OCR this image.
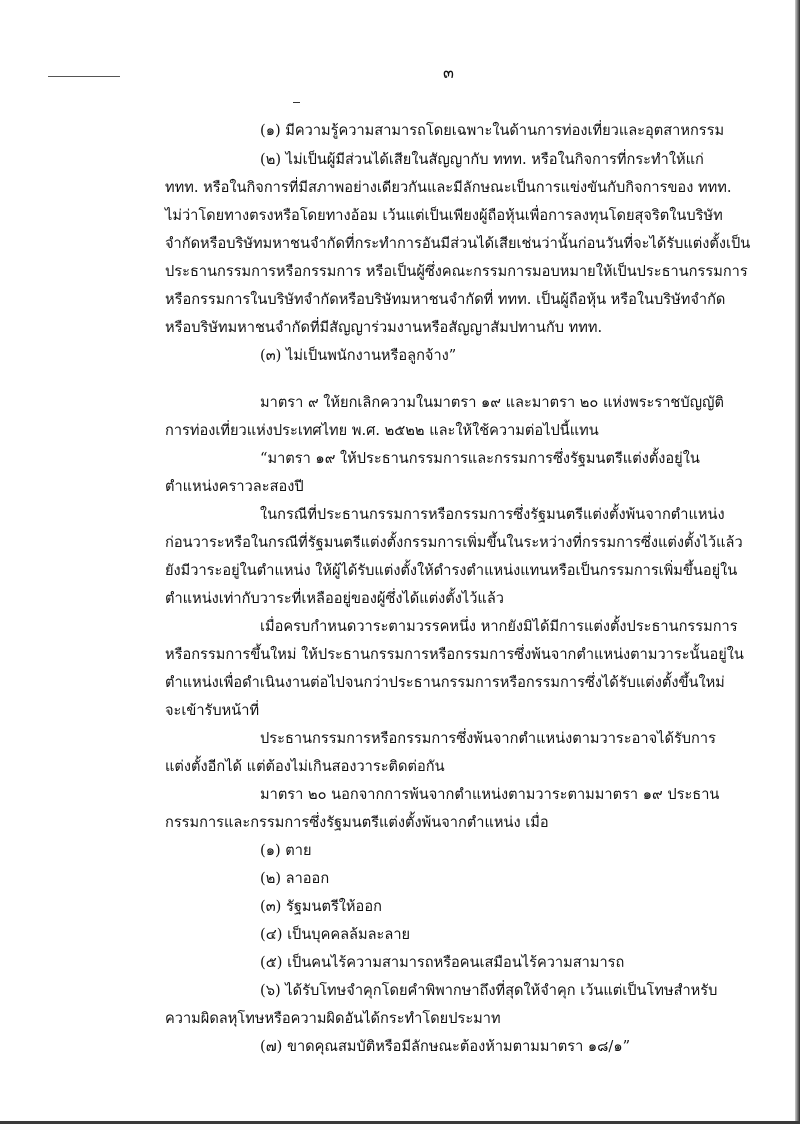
๓
(๑) มีความรู้ความสามารถโดยเฉพาะในด้านการท่องเที่ยวและอุตสาหกรรม
(๒) ไม่เป็นผู้มีส่วนได้เสียในสัญญากับ ททท. หรือในกิจการที่กระทำให้แก่
ททท. หรือในกิจการที่มีสภาพอย่างเดียวกันและมีลักษณะเป็นการแข่งขันกับกิจการของ ททท.
ไม่ว่าโดยทางตรงหรือโดยทางอ้อม เว้นแต่เป็นเพียงผู้ถือหุ้นเพื่อการลงทุนโดยสุจริตในบริษัท
จำกัดหรือบริษัทมหาชนจำกัดที่กระทำการอันมีส่วนได้เสียเช่นว่านั้นก่อนวันที่จะได้รับแต่งตั้งเป็น
ประธานกรรมการหรือกรรมการ หรือเป็นผู้ซึ่งคณะกรรมการมอบหมายให้เป็นประธานกรรมการ
หรือกรรมการในบริษัทจำกัดหรือบริษัทมหาชนจำกัดที่ ททท. เป็นผู้ถือหุ้น หรือในบริษัทจำกัด
หรือบริษัทมหาชนจำกัดที่มีสัญญาร่วมงานหรือสัญญาสัมปทานกับ ททท.
(๓) ไม่เป็นพนักงานหรือลูกจ้าง”
มาตรา ๙ ให้ยกเลิกความในมาตรา ๑๙ และมาตรา ๒๐ แห่งพระราชบัญญัติ
การท่องเที่ยวแห่งประเทศไทย พ.ศ. ๒๕๒๒ และให้ใช้ความต่อไปนี้แทน
“มาตรา ๑๙ ให้ประธานกรรมการและกรรมการซึ่งรัฐมนตรีแต่งตั้งอยู่ใน
ตำแหน่งคราวละสองปี
ในกรณีที่ประธานกรรมการหรือกรรมการซึ่งรัฐมนตรีแต่งตั้งพ้นจากตำแหน่ง
ก่อนวาระหรือในกรณีที่รัฐมนตรีแต่งตั้งกรรมการเพิ่มขึ้นในระหว่างที่กรรมการซึ่งแต่งตั้งไว้แล้ว
ยังมีวาระอยู่ในตำแหน่ง ให้ผู้ได้รับแต่งตั้งให้ดำรงตำแหน่งแทนหรือเป็นกรรมการเพิ่มขึ้นอยู่ใน
ตำแหน่งเท่ากับวาระที่เหลืออยู่ของผู้ซึ่งได้แต่งตั้งไว้แล้ว
เมื่อครบกำหนดวาระตามวรรคหนึ่ง หากยังมิได้มีการแต่งตั้งประธานกรรมการ
หรือกรรมการขึ้นใหม่ ให้ประธานกรรมการหรือกรรมการซึ่งพ้นจากตำแหน่งตามวาระนั้นอยู่ใน
ตำแหน่งเพื่อดำเนินงานต่อไปจนกว่าประธานกรรมการหรือกรรมการซึ่งได้รับแต่งตั้งขึ้นใหม่
จะเข้ารับหน้าที่
ประธานกรรมการหรือกรรมการซึ่งพ้นจากตำแหน่งตามวาระอาจได้รับการ
แต่งตั้งอีกได้ แต่ต้องไม่เกินสองวาระติดต่อกัน
มาตรา ๒๐ นอกจากการพ้นจากตำแหน่งตามวาระตามมาตรา ๑๙ ประธาน
กรรมการและกรรมการซึ่งรัฐมนตรีแต่งตั้งพ้นจากตำแหน่ง เมื่อ
(๑) ตาย
(๒) ลาออก
(๓) รัฐมนตรีให้ออก
(๔) เป็นบุคคลล้มละลาย
(๕) เป็นคนไร้ความสามารถหรือคนเสมือนไร้ความสามารถ
(๖) ได้รับโทษจำคุกโดยคำพิพากษาถึงที่สุดให้จำคุก เว้นแต่เป็นโทษสำหรับ
ความผิดลหุโทษหรือความผิดอันได้กระทำโดยประมาท
(๗) ขาดคุณสมบัติหรือมีลักษณะต้องห้ามตามมาตรา ๑๘/๑”
